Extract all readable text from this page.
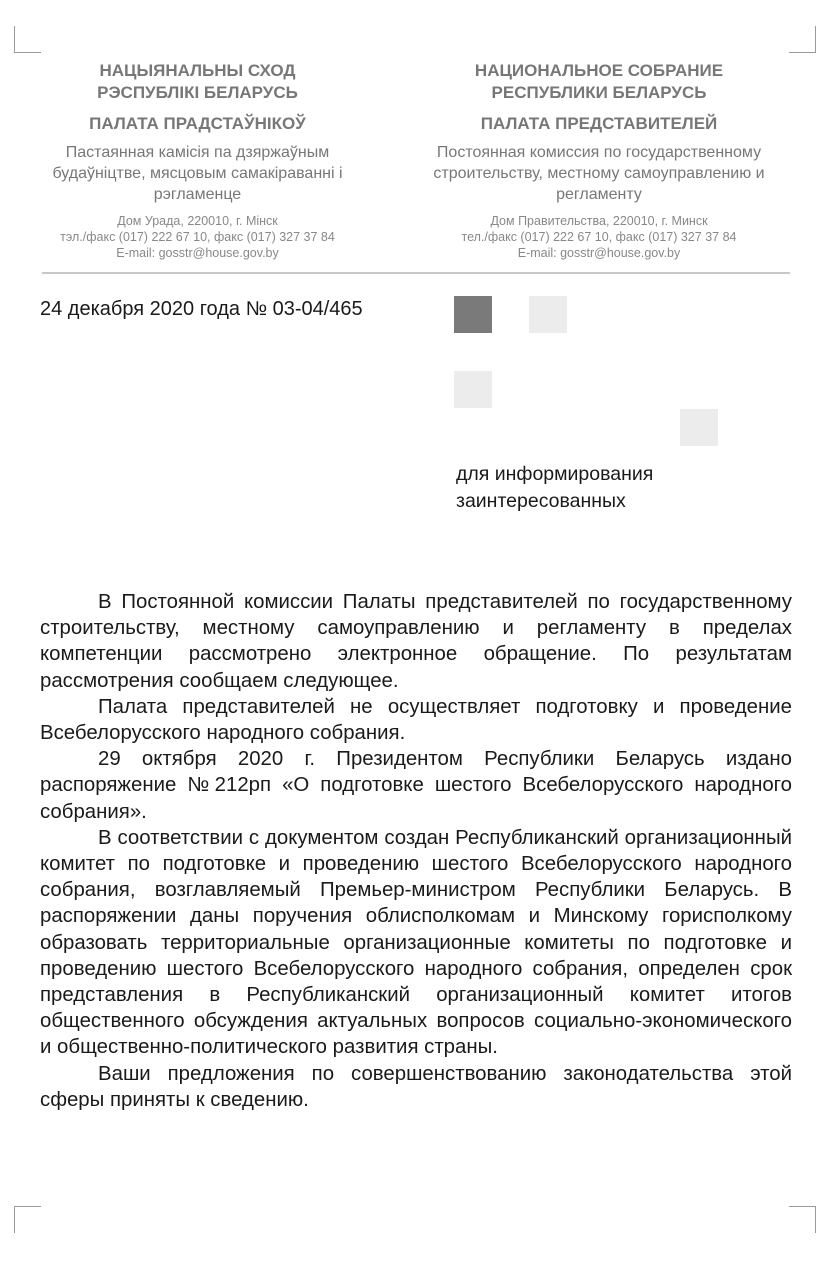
НАЦЫЯНАЛЬНЫ СХОД
РЭСПУБЛІКІ БЕЛАРУСЬ
ПАЛАТА ПРАДСТАЎНІКОЎ
Пастаянная камісія па дзяржаўным будаўніцтве, мясцовым самакіраванні і рэгламенце
Дом Урада, 220010, г. Мінск
тэл./факс (017) 222 67 10, факс (017) 327 37 84
E-mail: gosstr@house.gov.by
НАЦИОНАЛЬНОЕ СОБРАНИЕ
РЕСПУБЛИКИ БЕЛАРУСЬ
ПАЛАТА ПРЕДСТАВИТЕЛЕЙ
Постоянная комиссия по государственному строительству, местному самоуправлению и регламенту
Дом Правительства, 220010, г. Минск
тел./факс (017) 222 67 10, факс (017) 327 37 84
E-mail: gosstr@house.gov.by
24 декабря 2020 года № 03-04/465
для информирования
заинтересованных

В Постоянной комиссии Палаты представителей по государственному строительству, местному самоуправлению и регламенту в пределах компетенции рассмотрено электронное обращение. По результатам рассмотрения сообщаем следующее.

Палата представителей не осуществляет подготовку и проведение Всебелорусского народного собрания.

29 октября 2020 г. Президентом Республики Беларусь издано распоряжение №212рп «О подготовке шестого Всебелорусского народного собрания».

В соответствии с документом создан Республиканский организационный комитет по подготовке и проведению шестого Всебелорусского народного собрания, возглавляемый Премьер-министром Республики Беларусь. В распоряжении даны поручения облисполкомам и Минскому горисполкому образовать территориальные организационные комитеты по подготовке и проведению шестого Всебелорусского народного собрания, определен срок представления в Республиканский организационный комитет итогов общественного обсуждения актуальных вопросов социально-экономического и общественно-политического развития страны.

Ваши предложения по совершенствованию законодательства этой сферы приняты к сведению.
